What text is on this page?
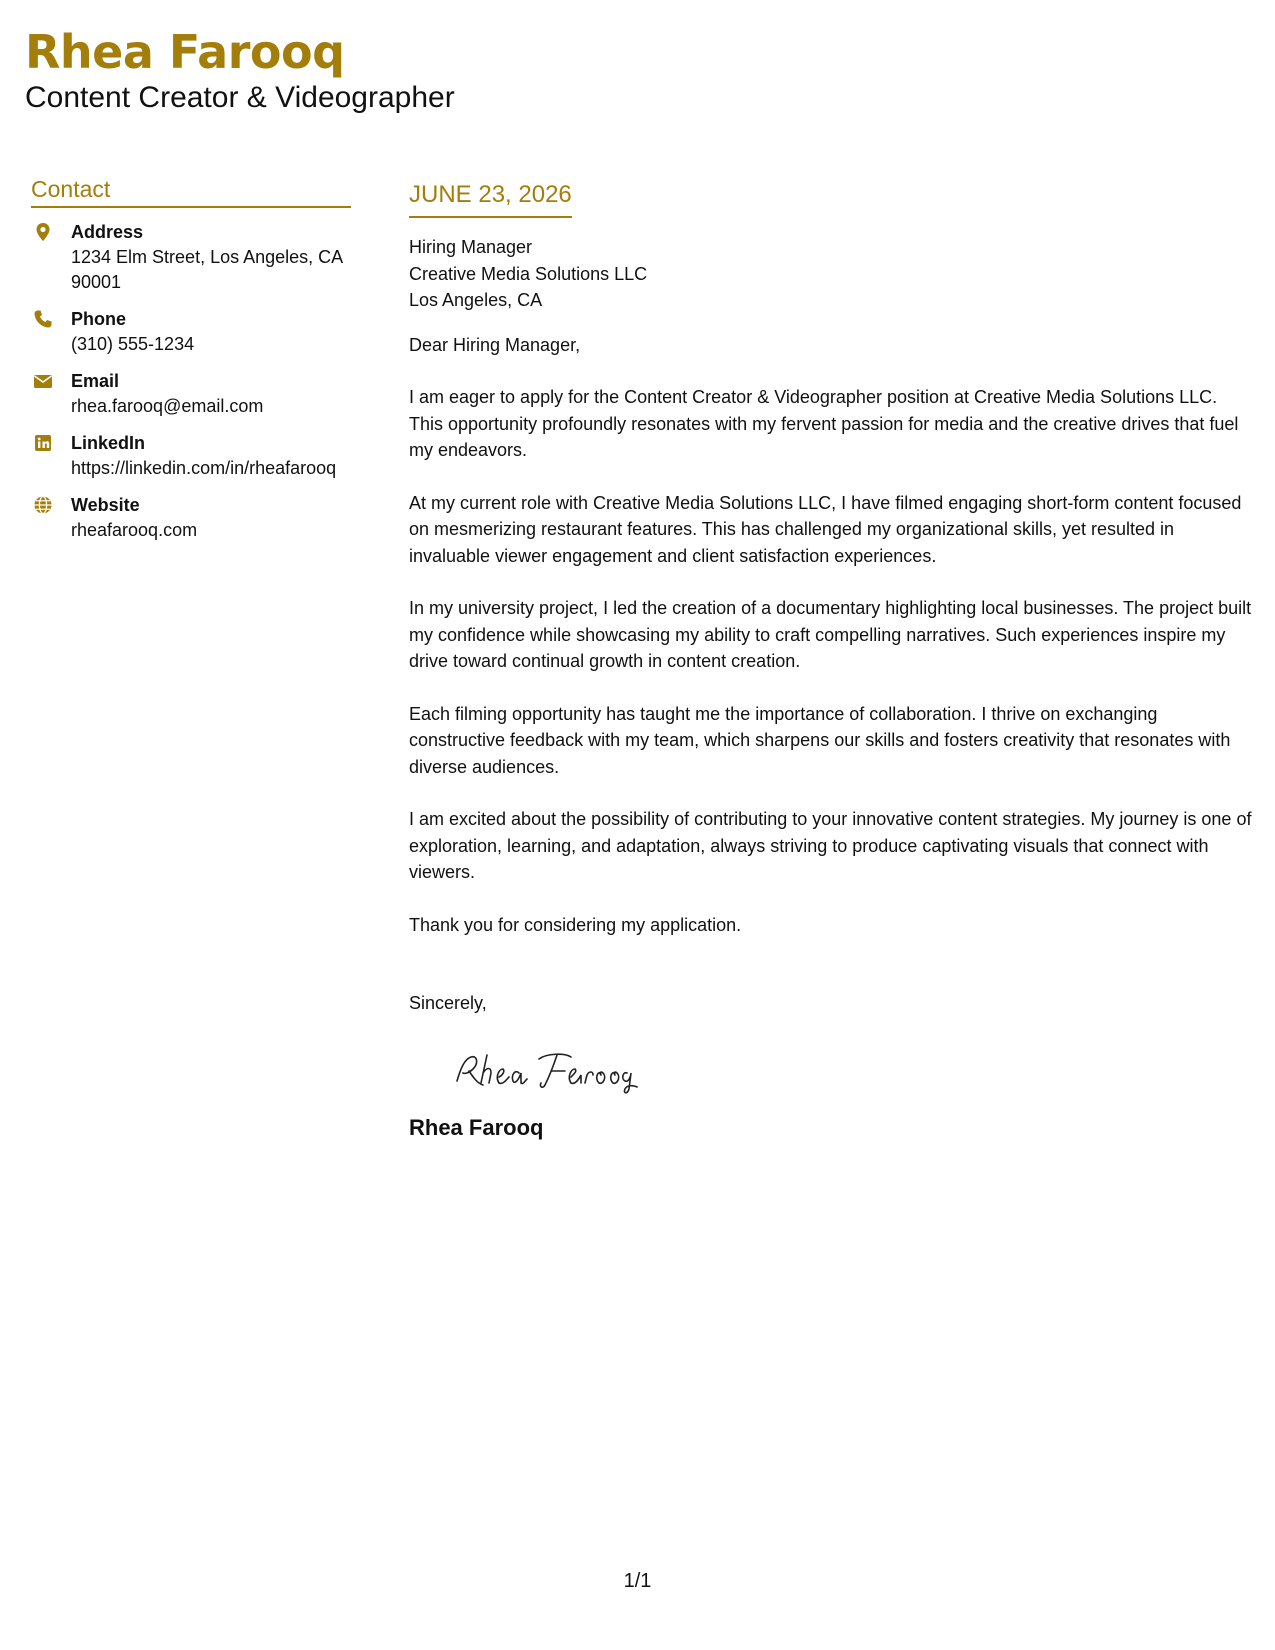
Rhea Farooq
Content Creator & Videographer
Contact
Address
1234 Elm Street, Los Angeles, CA 90001
Phone
(310) 555-1234
Email
rhea.farooq@email.com
LinkedIn
https://linkedin.com/in/rheafarooq
Website
rheafarooq.com
JUNE 23, 2026
Hiring Manager
Creative Media Solutions LLC
Los Angeles, CA
Dear Hiring Manager,
I am eager to apply for the Content Creator & Videographer position at Creative Media Solutions LLC. This opportunity profoundly resonates with my fervent passion for media and the creative drives that fuel my endeavors.
At my current role with Creative Media Solutions LLC, I have filmed engaging short-form content focused on mesmerizing restaurant features. This has challenged my organizational skills, yet resulted in invaluable viewer engagement and client satisfaction experiences.
In my university project, I led the creation of a documentary highlighting local businesses. The project built my confidence while showcasing my ability to craft compelling narratives. Such experiences inspire my drive toward continual growth in content creation.
Each filming opportunity has taught me the importance of collaboration. I thrive on exchanging constructive feedback with my team, which sharpens our skills and fosters creativity that resonates with diverse audiences.
I am excited about the possibility of contributing to your innovative content strategies. My journey is one of exploration, learning, and adaptation, always striving to produce captivating visuals that connect with viewers.
Thank you for considering my application.
Sincerely,
Rhea Farooq
1/1
